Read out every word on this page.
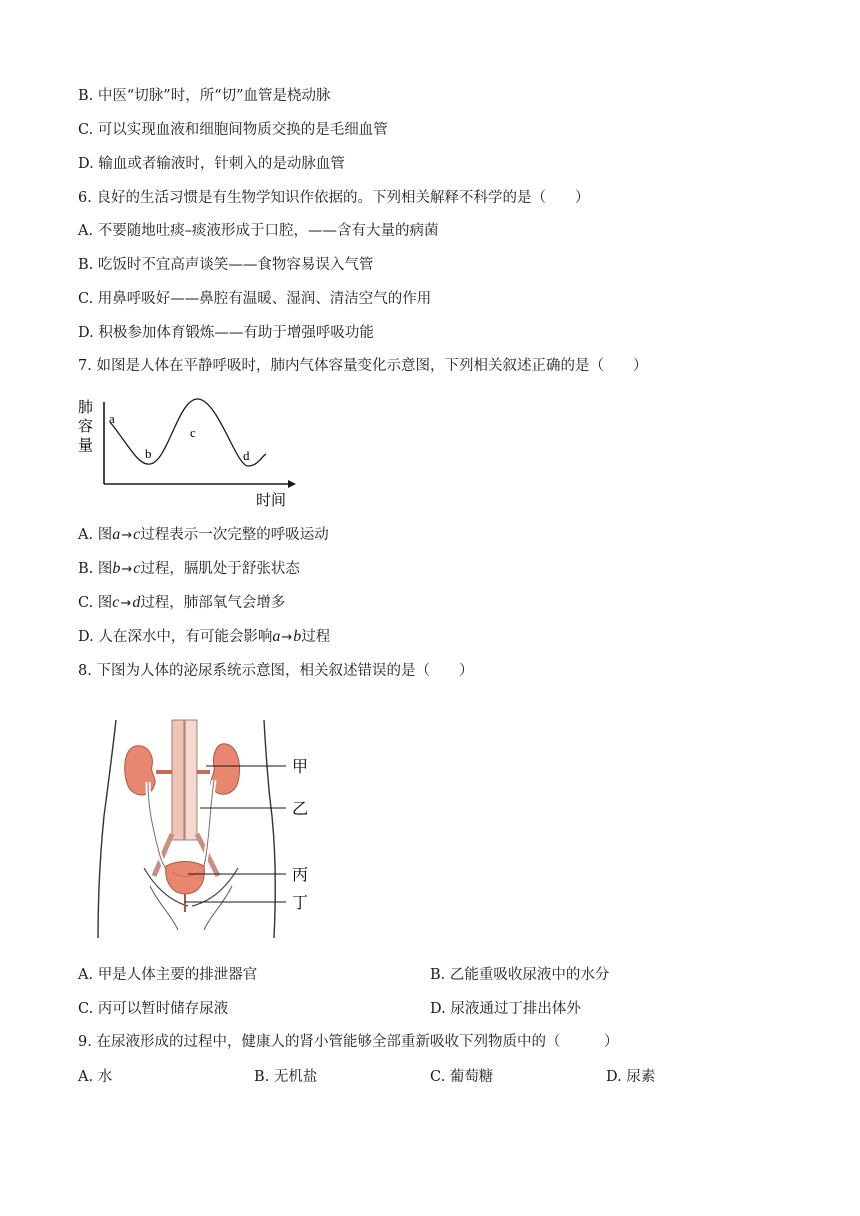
B. 中医“切脉”时，所“切”血管是桡动脉
C. 可以实现血液和细胞间物质交换的是毛细血管
D. 输血或者输液时，针刺入的是动脉血管
6. 良好的生活习惯是有生物学知识作依据的。下列相关解释不科学的是（　　）
A. 不要随地吐痰–痰液形成于口腔，——含有大量的病菌
B. 吃饭时不宜高声谈笑——食物容易误入气管
C. 用鼻呼吸好——鼻腔有温暖、湿润、清洁空气的作用
D. 积极参加体育锻炼——有助于增强呼吸功能
7. 如图是人体在平静呼吸时，肺内气体容量变化示意图，下列相关叙述正确的是（　　）
肺
容
量
时间
a
b
c
d
A. 图a→c过程表示一次完整的呼吸运动
B. 图b→c过程，膈肌处于舒张状态
C. 图c→d过程，肺部氧气会增多
D. 人在深水中，有可能会影响a→b过程
8. 下图为人体的泌尿系统示意图，相关叙述错误的是（　　）
甲
乙
丙
丁
A. 甲是人体主要的排泄器官	B. 乙能重吸收尿液中的水分
C. 丙可以暂时储存尿液	D. 尿液通过丁排出体外
9. 在尿液形成的过程中，健康人的肾小管能够全部重新吸收下列物质中的（　　　）
A. 水	B. 无机盐	C. 葡萄糖	D. 尿素
